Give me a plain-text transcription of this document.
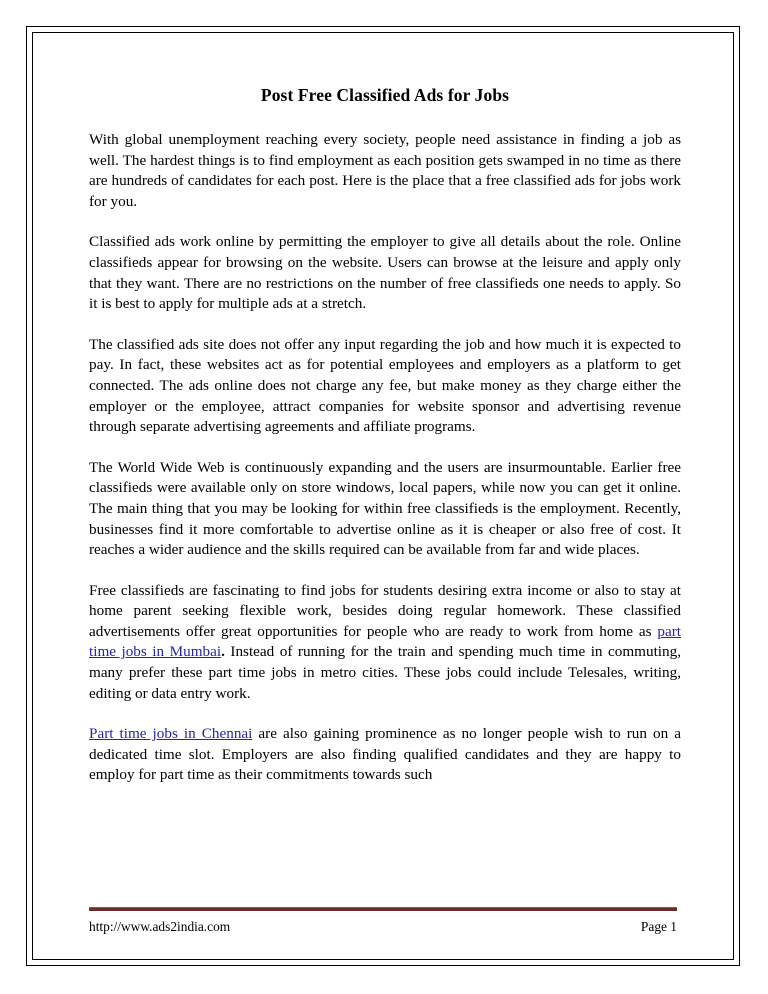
Post Free Classified Ads for Jobs

With global unemployment reaching every society, people need assistance in finding a job as well. The hardest things is to find employment as each position gets swamped in no time as there are hundreds of candidates for each post. Here is the place that a free classified ads for jobs work for you.

Classified ads work online by permitting the employer to give all details about the role. Online classifieds appear for browsing on the website. Users can browse at the leisure and apply only that they want. There are no restrictions on the number of free classifieds one needs to apply. So it is best to apply for multiple ads at a stretch.

The classified ads site does not offer any input regarding the job and how much it is expected to pay. In fact, these websites act as for potential employees and employers as a platform to get connected. The ads online does not charge any fee, but make money as they charge either the employer or the employee, attract companies for website sponsor and advertising revenue through separate advertising agreements and affiliate programs.

The World Wide Web is continuously expanding and the users are insurmountable. Earlier free classifieds were available only on store windows, local papers, while now you can get it online. The main thing that you may be looking for within free classifieds is the employment. Recently, businesses find it more comfortable to advertise online as it is cheaper or also free of cost. It reaches a wider audience and the skills required can be available from far and wide places.

Free classifieds are fascinating to find jobs for students desiring extra income or also to stay at home parent seeking flexible work, besides doing regular homework. These classified advertisements offer great opportunities for people who are ready to work from home as part time jobs in Mumbai. Instead of running for the train and spending much time in commuting, many prefer these part time jobs in metro cities. These jobs could include Telesales, writing, editing or data entry work.

Part time jobs in Chennai are also gaining prominence as no longer people wish to run on a dedicated time slot. Employers are also finding qualified candidates and they are happy to employ for part time as their commitments towards such

http://www.ads2india.com	Page 1
